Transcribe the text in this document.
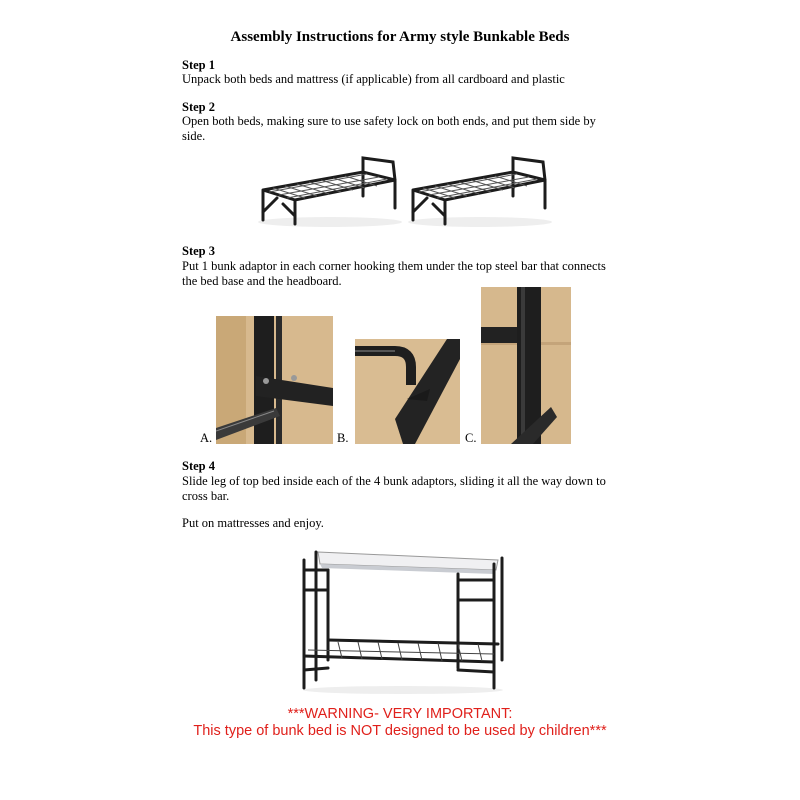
Assembly Instructions for Army style Bunkable Beds
Step 1
Unpack both beds and mattress (if applicable) from all cardboard and plastic
Step 2
Open both beds, making sure to use safety lock on both ends, and put them side by side.
Step 3
Put 1 bunk adaptor in each corner hooking them under the top steel bar that connects the bed base and the headboard.
A.	B.	C.
Step 4
Slide leg of top bed inside each of the 4 bunk adaptors, sliding it all the way down to cross bar.
Put on mattresses and enjoy.
***WARNING- VERY IMPORTANT:
This type of bunk bed is NOT designed to be used by children***
